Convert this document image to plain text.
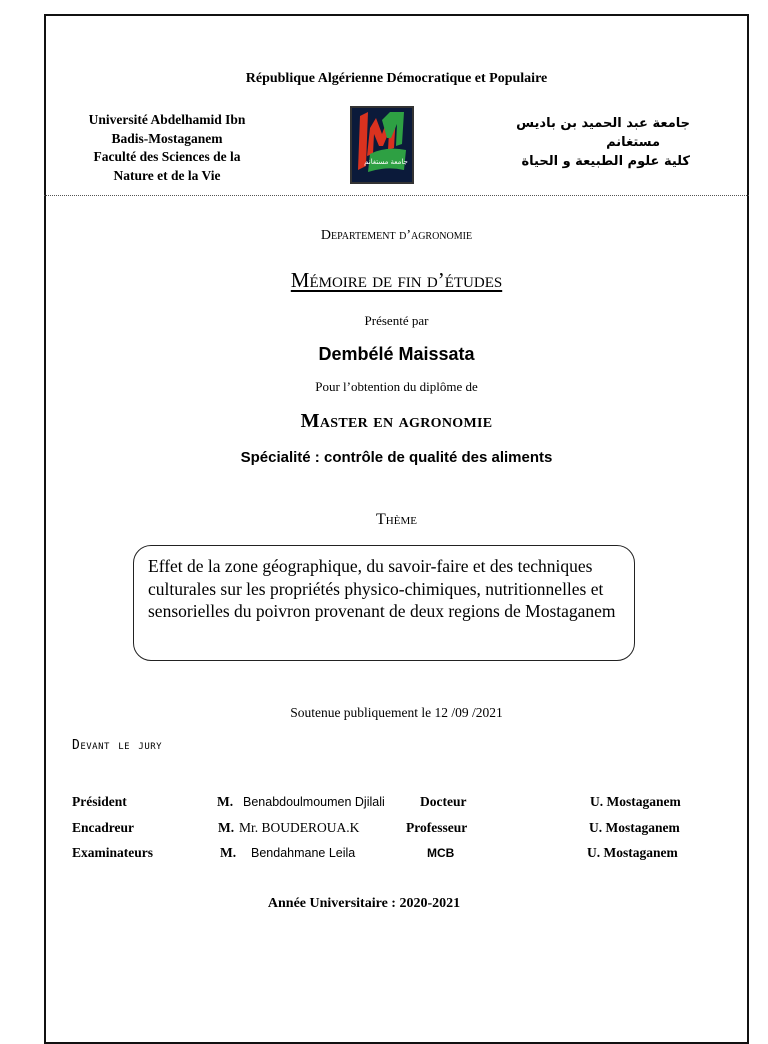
République Algérienne Démocratique et Populaire
Université Abdelhamid Ibn
Badis-Mostaganem
Faculté des Sciences de la
Nature et de la Vie
جامعة مستغانم
جامعة عبد الحميد بن باديس
مستغانم
كلية علوم الطبيعة و الحياة
Departement d’agronomie
Mémoire de fin d’études
Présenté par
Dembélé Maissata
Pour l’obtention du diplôme de
Master en agronomie
Spécialité : contrôle de qualité des aliments
Thème
Effet de la zone géographique, du savoir-faire et des techniques culturales sur les propriétés physico-chimiques, nutritionnelles et sensorielles du poivron provenant de deux regions de Mostaganem
Soutenue publiquement le 12 /09 /2021
Devant le jury
Président	M. Benabdoulmoumen Djilali	Docteur	U. Mostaganem
Encadreur	M. Mr. BOUDEROUA.K	Professeur	U. Mostaganem
Examinateurs	M. Bendahmane Leila	MCB	U. Mostaganem
Année Universitaire : 2020-2021
